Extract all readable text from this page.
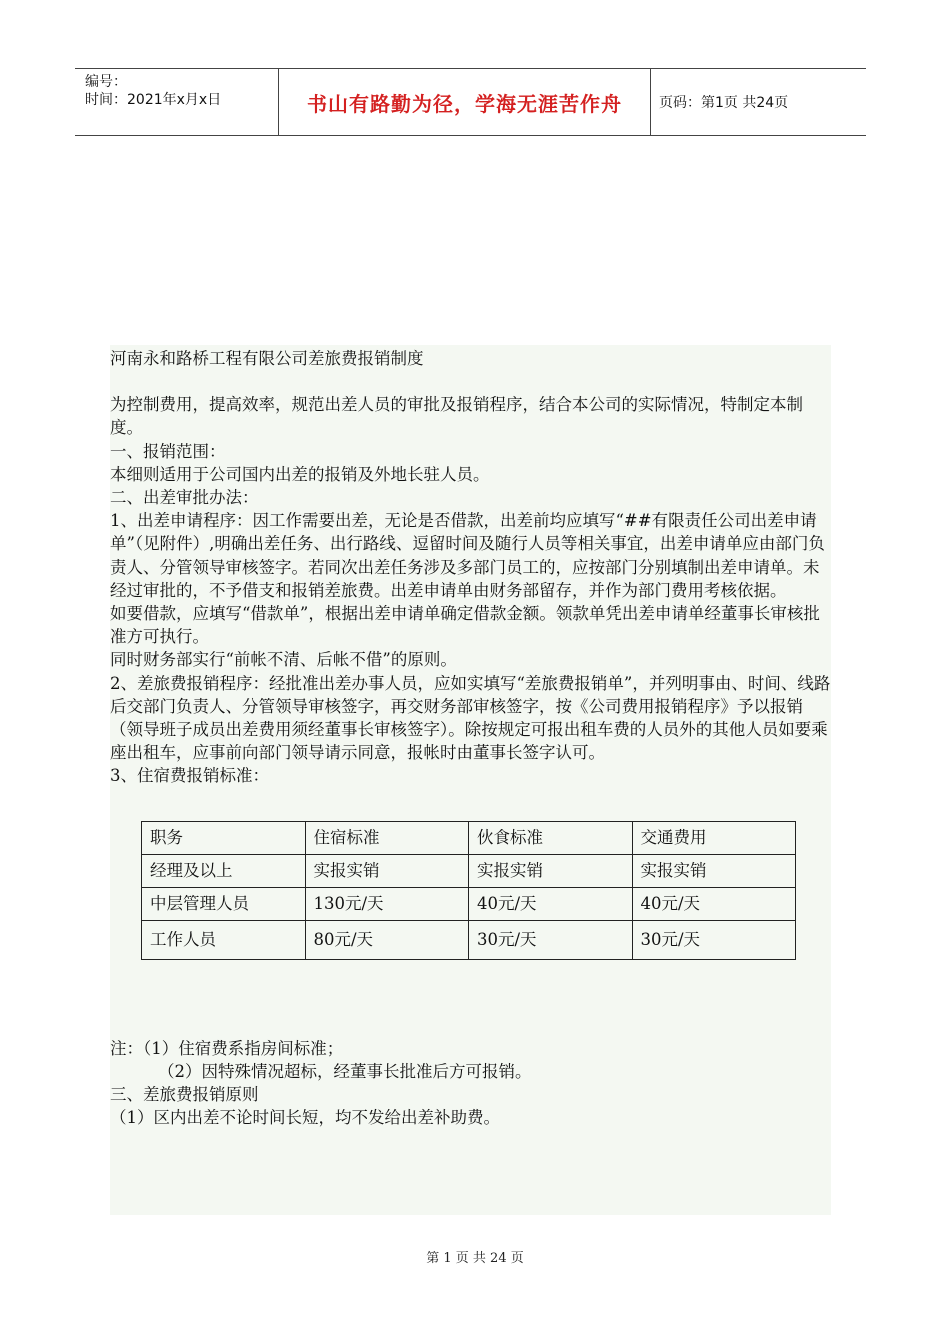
编号：
时间：2021年x月x日	书山有路勤为径，学海无涯苦作舟	页码：第1页 共24页

河南永和路桥工程有限公司差旅费报销制度

为控制费用，提高效率，规范出差人员的审批及报销程序，结合本公司的实际情况，特制定本制度。

一、报销范围：

本细则适用于公司国内出差的报销及外地长驻人员。

二、出差审批办法：

1、出差申请程序：因工作需要出差，无论是否借款，出差前均应填写“##有限责任公司出差申请单”（见附件）,明确出差任务、出行路线、逗留时间及随行人员等相关事宜，出差申请单应由部门负责人、分管领导审核签字。若同次出差任务涉及多部门员工的，应按部门分别填制出差申请单。未经过审批的，不予借支和报销差旅费。出差申请单由财务部留存，并作为部门费用考核依据。

如要借款，应填写“借款单”，根据出差申请单确定借款金额。领款单凭出差申请单经董事长审核批准方可执行。

同时财务部实行“前帐不清、后帐不借”的原则。

2、差旅费报销程序：经批准出差办事人员，应如实填写“差旅费报销单”，并列明事由、时间、线路后交部门负责人、分管领导审核签字，再交财务部审核签字，按《公司费用报销程序》予以报销（领导班子成员出差费用须经董事长审核签字）。除按规定可报出租车费的人员外的其他人员如要乘座出租车，应事前向部门领导请示同意，报帐时由董事长签字认可。

3、住宿费报销标准：

职务	住宿标准	伙食标准	交通费用
经理及以上	实报实销	实报实销	实报实销
中层管理人员	130元/天	40元/天	40元/天
工作人员	80元/天	30元/天	30元/天

注：（1）住宿费系指房间标准；

（2）因特殊情况超标，经董事长批准后方可报销。

三、差旅费报销原则

（1）区内出差不论时间长短，均不发给出差补助费。

第 1 页 共 24 页
